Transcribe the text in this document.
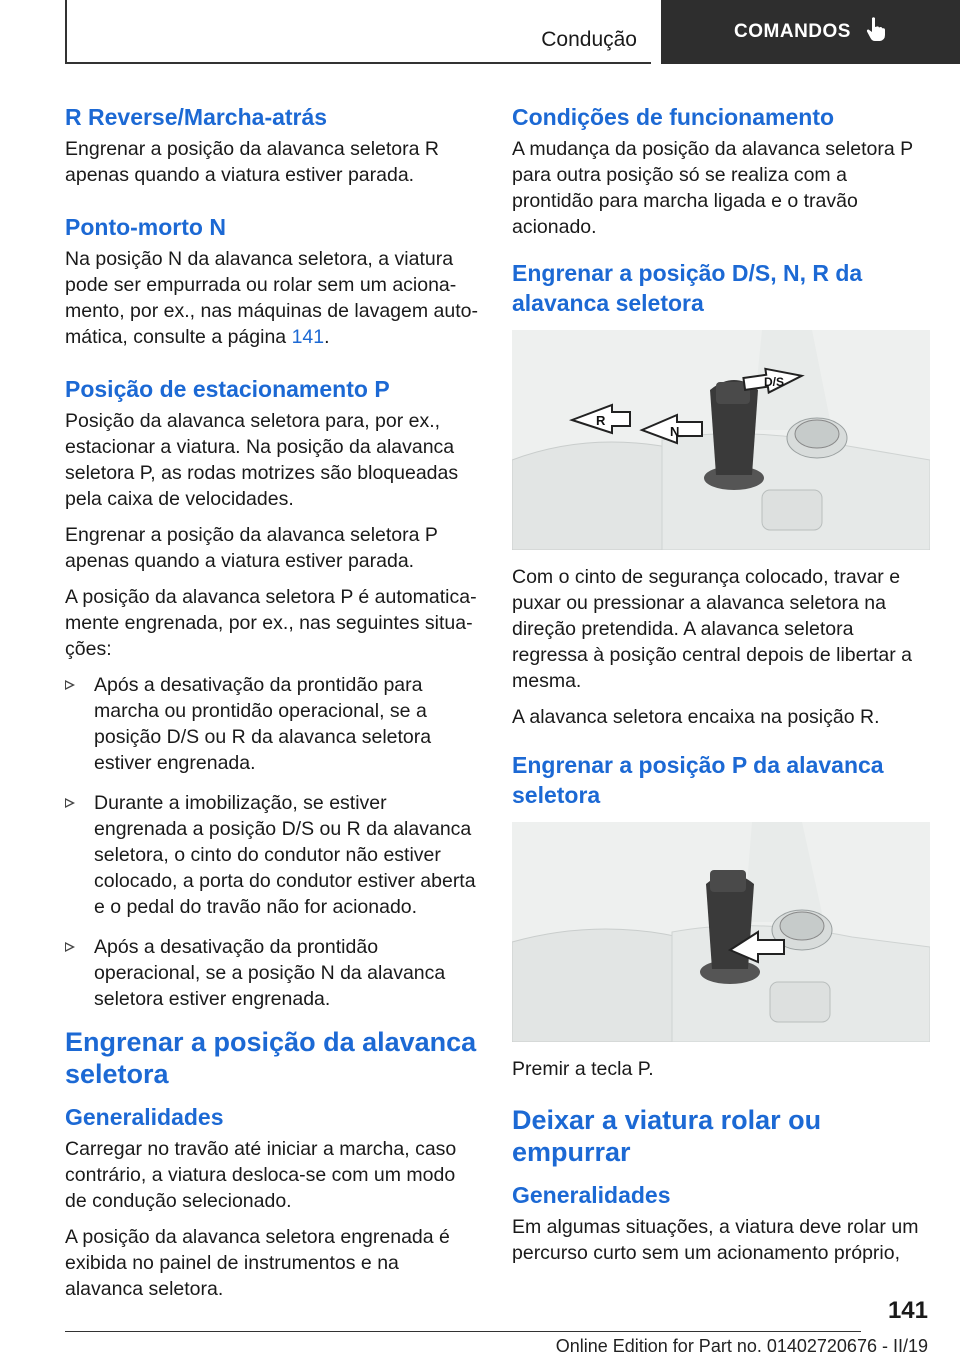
Condução	COMANDOS
R Reverse/Marcha-atrás

Engrenar a posição da alavanca seletora R apenas quando a viatura estiver parada.

Ponto-morto N

Na posição N da alavanca seletora, a viatura pode ser empurrada ou rolar sem um acionamento, por ex., nas máquinas de lavagem automática, consulte a página 141.

Posição de estacionamento P

Posição da alavanca seletora para, por ex., estacionar a viatura. Na posição da alavanca seletora P, as rodas motrizes são bloqueadas pela caixa de velocidades.

Engrenar a posição da alavanca seletora P apenas quando a viatura estiver parada.

A posição da alavanca seletora P é automaticamente engrenada, por ex., nas seguintes situações:

Após a desativação da prontidão para marcha ou prontidão operacional, se a posição D/S ou R da alavanca seletora estiver engrenada.
Durante a imobilização, se estiver engrenada a posição D/S ou R da alavanca seletora, o cinto do condutor não estiver colocado, a porta do condutor estiver aberta e o pedal do travão não for acionado.
Após a desativação da prontidão operacional, se a posição N da alavanca seletora estiver engrenada.
Engrenar a posição da alavanca seletora
Generalidades

Carregar no travão até iniciar a marcha, caso contrário, a viatura desloca-se com um modo de condução selecionado.

A posição da alavanca seletora engrenada é exibida no painel de instrumentos e na alavanca seletora.

Condições de funcionamento

A mudança da posição da alavanca seletora P para outra posição só se realiza com a prontidão para marcha ligada e o travão acionado.

Engrenar a posição D/S, N, R da alavanca seletora
R
N
D/S

Com o cinto de segurança colocado, travar e puxar ou pressionar a alavanca seletora na direção pretendida. A alavanca seletora regressa à posição central depois de libertar a mesma.

A alavanca seletora encaixa na posição R.

Engrenar a posição P da alavanca seletora

Premir a tecla P.

Deixar a viatura rolar ou empurrar
Generalidades

Em algumas situações, a viatura deve rolar um percurso curto sem um acionamento próprio,

141
Online Edition for Part no. 01402720676 - II/19
